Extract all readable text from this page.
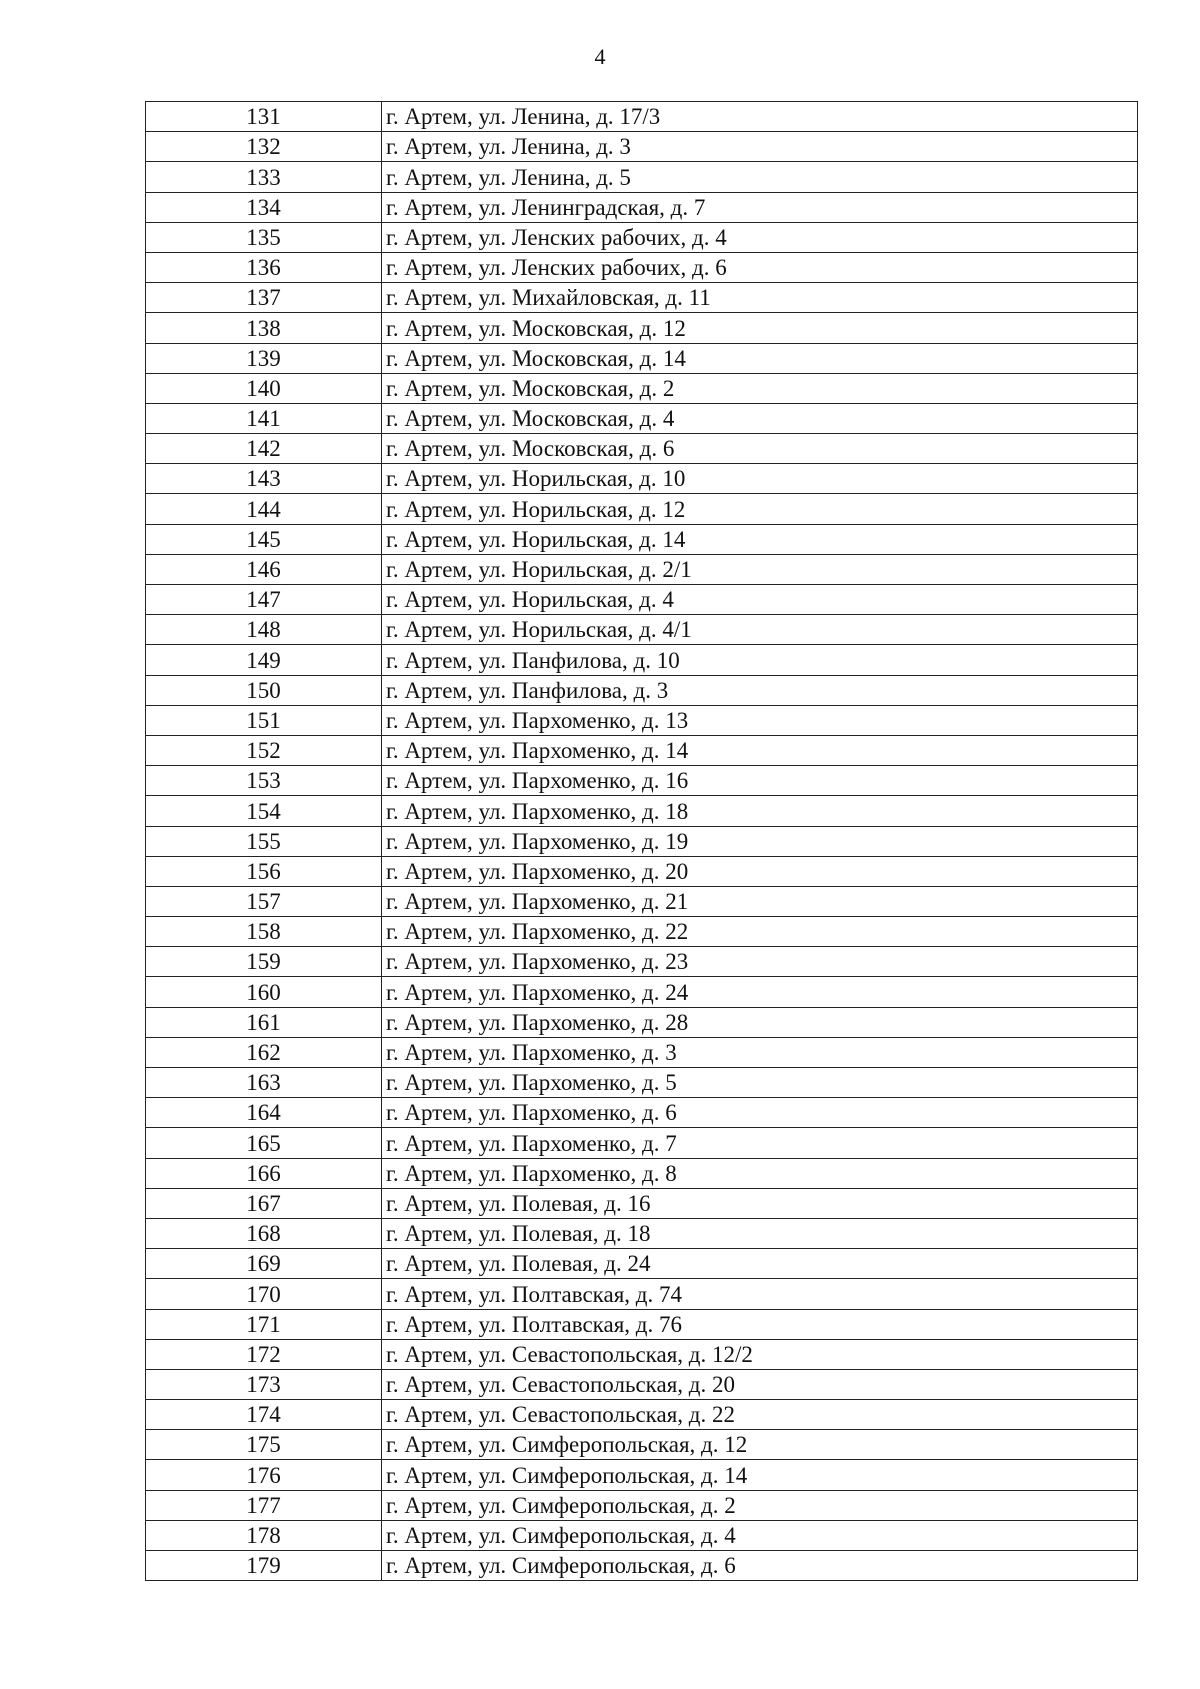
4
131	г. Артем, ул. Ленина, д. 17/3
132	г. Артем, ул. Ленина, д. 3
133	г. Артем, ул. Ленина, д. 5
134	г. Артем, ул. Ленинградская, д. 7
135	г. Артем, ул. Ленских рабочих, д. 4
136	г. Артем, ул. Ленских рабочих, д. 6
137	г. Артем, ул. Михайловская, д. 11
138	г. Артем, ул. Московская, д. 12
139	г. Артем, ул. Московская, д. 14
140	г. Артем, ул. Московская, д. 2
141	г. Артем, ул. Московская, д. 4
142	г. Артем, ул. Московская, д. 6
143	г. Артем, ул. Норильская, д. 10
144	г. Артем, ул. Норильская, д. 12
145	г. Артем, ул. Норильская, д. 14
146	г. Артем, ул. Норильская, д. 2/1
147	г. Артем, ул. Норильская, д. 4
148	г. Артем, ул. Норильская, д. 4/1
149	г. Артем, ул. Панфилова, д. 10
150	г. Артем, ул. Панфилова, д. 3
151	г. Артем, ул. Пархоменко, д. 13
152	г. Артем, ул. Пархоменко, д. 14
153	г. Артем, ул. Пархоменко, д. 16
154	г. Артем, ул. Пархоменко, д. 18
155	г. Артем, ул. Пархоменко, д. 19
156	г. Артем, ул. Пархоменко, д. 20
157	г. Артем, ул. Пархоменко, д. 21
158	г. Артем, ул. Пархоменко, д. 22
159	г. Артем, ул. Пархоменко, д. 23
160	г. Артем, ул. Пархоменко, д. 24
161	г. Артем, ул. Пархоменко, д. 28
162	г. Артем, ул. Пархоменко, д. 3
163	г. Артем, ул. Пархоменко, д. 5
164	г. Артем, ул. Пархоменко, д. 6
165	г. Артем, ул. Пархоменко, д. 7
166	г. Артем, ул. Пархоменко, д. 8
167	г. Артем, ул. Полевая, д. 16
168	г. Артем, ул. Полевая, д. 18
169	г. Артем, ул. Полевая, д. 24
170	г. Артем, ул. Полтавская, д. 74
171	г. Артем, ул. Полтавская, д. 76
172	г. Артем, ул. Севастопольская, д. 12/2
173	г. Артем, ул. Севастопольская, д. 20
174	г. Артем, ул. Севастопольская, д. 22
175	г. Артем, ул. Симферопольская, д. 12
176	г. Артем, ул. Симферопольская, д. 14
177	г. Артем, ул. Симферопольская, д. 2
178	г. Артем, ул. Симферопольская, д. 4
179	г. Артем, ул. Симферопольская, д. 6
